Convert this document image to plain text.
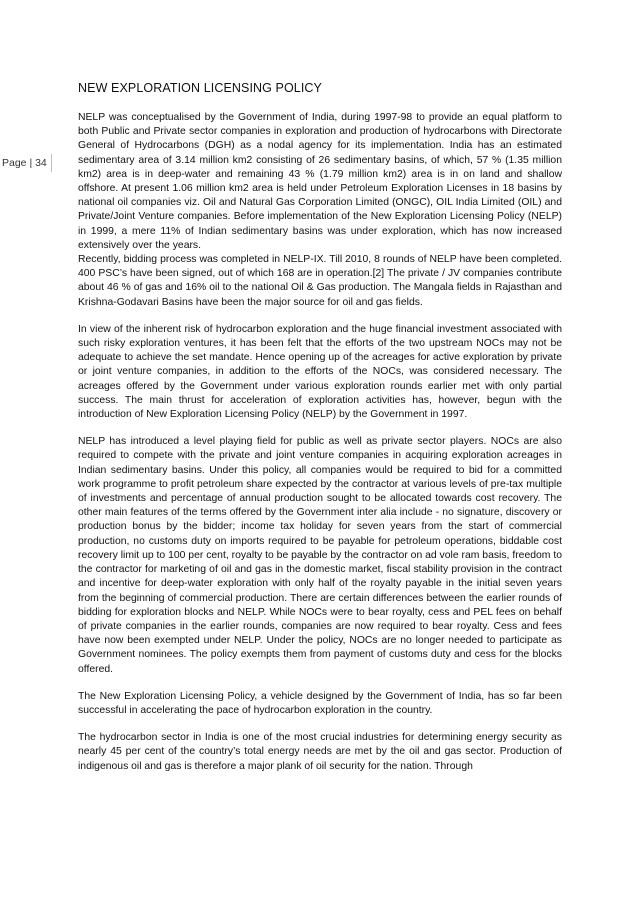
Page | 34
NEW EXPLORATION LICENSING POLICY

NELP was conceptualised by the Government of India, during 1997-98 to provide an equal platform to both Public and Private sector companies in exploration and production of hydrocarbons with Directorate General of Hydrocarbons (DGH) as a nodal agency for its implementation. India has an estimated sedimentary area of 3.14 million km2 consisting of 26 sedimentary basins, of which, 57 % (1.35 million km2) area is in deep-water and remaining 43 % (1.79 million km2) area is in on land and shallow offshore. At present 1.06 million km2 area is held under Petroleum Exploration Licenses in 18 basins by national oil companies viz. Oil and Natural Gas Corporation Limited (ONGC), OIL India Limited (OIL) and Private/Joint Venture companies. Before implementation of the New Exploration Licensing Policy (NELP) in 1999, a mere 11% of Indian sedimentary basins was under exploration, which has now increased extensively over the years.

Recently, bidding process was completed in NELP-IX. Till 2010, 8 rounds of NELP have been completed. 400 PSC’s have been signed, out of which 168 are in operation.[2] The private / JV companies contribute about 46 % of gas and 16% oil to the national Oil & Gas production. The Mangala fields in Rajasthan and Krishna-Godavari Basins have been the major source for oil and gas fields.

In view of the inherent risk of hydrocarbon exploration and the huge financial investment associated with such risky exploration ventures, it has been felt that the efforts of the two upstream NOCs may not be adequate to achieve the set mandate. Hence opening up of the acreages for active exploration by private or joint venture companies, in addition to the efforts of the NOCs, was considered necessary. The acreages offered by the Government under various exploration rounds earlier met with only partial success. The main thrust for acceleration of exploration activities has, however, begun with the introduction of New Exploration Licensing Policy (NELP) by the Government in 1997.

NELP has introduced a level playing field for public as well as private sector players. NOCs are also required to compete with the private and joint venture companies in acquiring exploration acreages in Indian sedimentary basins. Under this policy, all companies would be required to bid for a committed work programme to profit petroleum share expected by the contractor at various levels of pre-tax multiple of investments and percentage of annual production sought to be allocated towards cost recovery. The other main features of the terms offered by the Government inter alia include - no signature, discovery or production bonus by the bidder; income tax holiday for seven years from the start of commercial production, no customs duty on imports required to be payable for petroleum operations, biddable cost recovery limit up to 100 per cent, royalty to be payable by the contractor on ad vole ram basis, freedom to the contractor for marketing of oil and gas in the domestic market, fiscal stability provision in the contract and incentive for deep-water exploration with only half of the royalty payable in the initial seven years from the beginning of commercial production. There are certain differences between the earlier rounds of bidding for exploration blocks and NELP. While NOCs were to bear royalty, cess and PEL fees on behalf of private companies in the earlier rounds, companies are now required to bear royalty. Cess and fees have now been exempted under NELP. Under the policy, NOCs are no longer needed to participate as Government nominees. The policy exempts them from payment of customs duty and cess for the blocks offered.

The New Exploration Licensing Policy, a vehicle designed by the Government of India, has so far been successful in accelerating the pace of hydrocarbon exploration in the country.

The hydrocarbon sector in India is one of the most crucial industries for determining energy security as nearly 45 per cent of the country’s total energy needs are met by the oil and gas sector. Production of indigenous oil and gas is therefore a major plank of oil security for the nation. Through
